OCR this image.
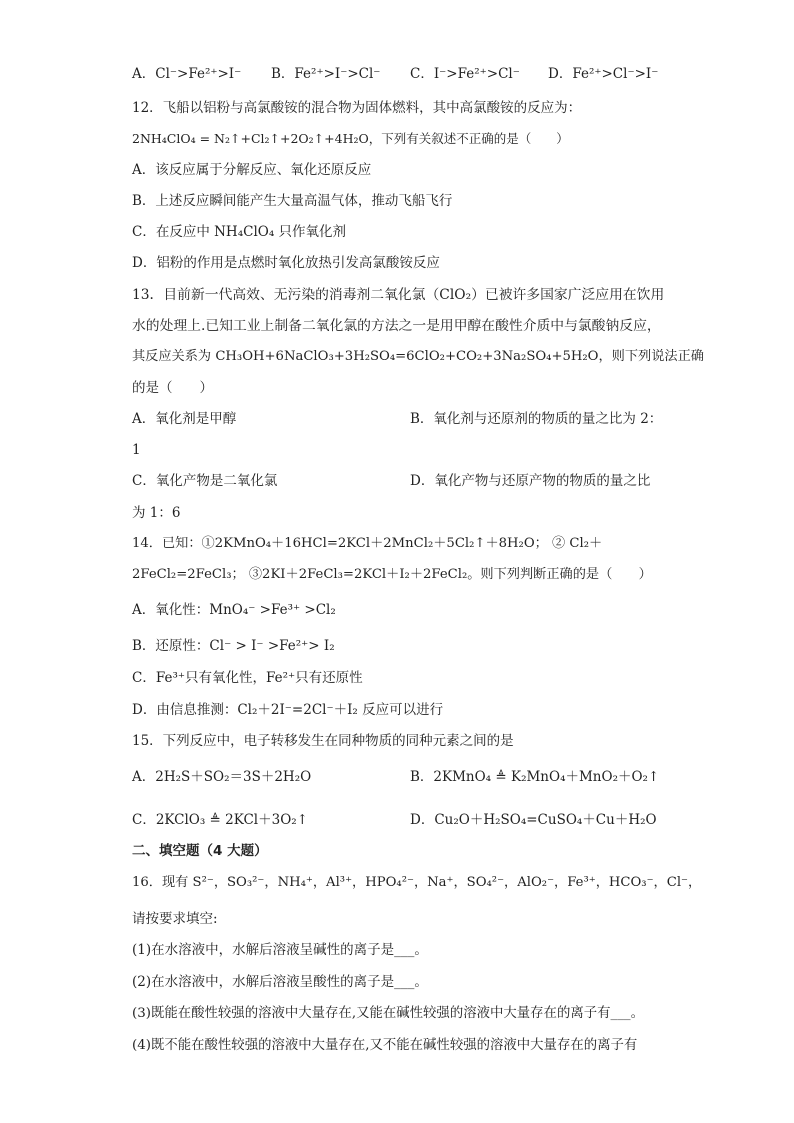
A．Cl⁻>Fe²⁺>I⁻ B．Fe²⁺>I⁻>Cl⁻ C．I⁻>Fe²⁺>Cl⁻ D．Fe²⁺>Cl⁻>I⁻
12．飞船以铝粉与高氯酸铵的混合物为固体燃料，其中高氯酸铵的反应为：
2NH₄ClO₄ = N₂↑+Cl₂↑+2O₂↑+4H₂O，下列有关叙述不正确的是（　　）
A．该反应属于分解反应、氧化还原反应
B．上述反应瞬间能产生大量高温气体，推动飞船飞行
C．在反应中 NH₄ClO₄ 只作氧化剂
D．铝粉的作用是点燃时氧化放热引发高氯酸铵反应
13．目前新一代高效、无污染的消毒剂二氧化氯（ClO₂）已被许多国家广泛应用在饮用
水的处理上.已知工业上制备二氧化氯的方法之一是用甲醇在酸性介质中与氯酸钠反应，
其反应关系为 CH₃OH+6NaClO₃+3H₂SO₄=6ClO₂+CO₂+3Na₂SO₄+5H₂O，则下列说法正确
的是（　　）
A．氧化剂是甲醇	B．氧化剂与还原剂的物质的量之比为 2：
1
C．氧化产物是二氧化氯	D．氧化产物与还原产物的物质的量之比
为 1：6
14．已知：①2KMnO₄＋16HCl=2KCl＋2MnCl₂＋5Cl₂↑＋8H₂O； ② Cl₂＋
2FeCl₂=2FeCl₃； ③2KI＋2FeCl₃=2KCl＋I₂＋2FeCl₂。则下列判断正确的是（　　）
A．氧化性：MnO₄⁻ >Fe³⁺ >Cl₂
B．还原性：Cl⁻ > I⁻ >Fe²⁺> I₂
C．Fe³⁺只有氧化性，Fe²⁺只有还原性
D．由信息推测：Cl₂＋2I⁻=2Cl⁻＋I₂ 反应可以进行
15．下列反应中，电子转移发生在同种物质的同种元素之间的是
A．2H₂S＋SO₂＝3S＋2H₂O	B．2KMnO₄ ≜ K₂MnO₄＋MnO₂＋O₂↑
C．2KClO₃ ≜ 2KCl＋3O₂↑	D．Cu₂O＋H₂SO₄=CuSO₄＋Cu＋H₂O
二、填空题（4 大题）
16．现有 S²⁻，SO₃²⁻，NH₄⁺，Al³⁺，HPO₄²⁻，Na⁺，SO₄²⁻，AlO₂⁻，Fe³⁺，HCO₃⁻，Cl⁻，
请按要求填空:
(1)在水溶液中，水解后溶液呈碱性的离子是___。
(2)在水溶液中，水解后溶液呈酸性的离子是___。
(3)既能在酸性较强的溶液中大量存在,又能在碱性较强的溶液中大量存在的离子有___。
(4)既不能在酸性较强的溶液中大量存在,又不能在碱性较强的溶液中大量存在的离子有
